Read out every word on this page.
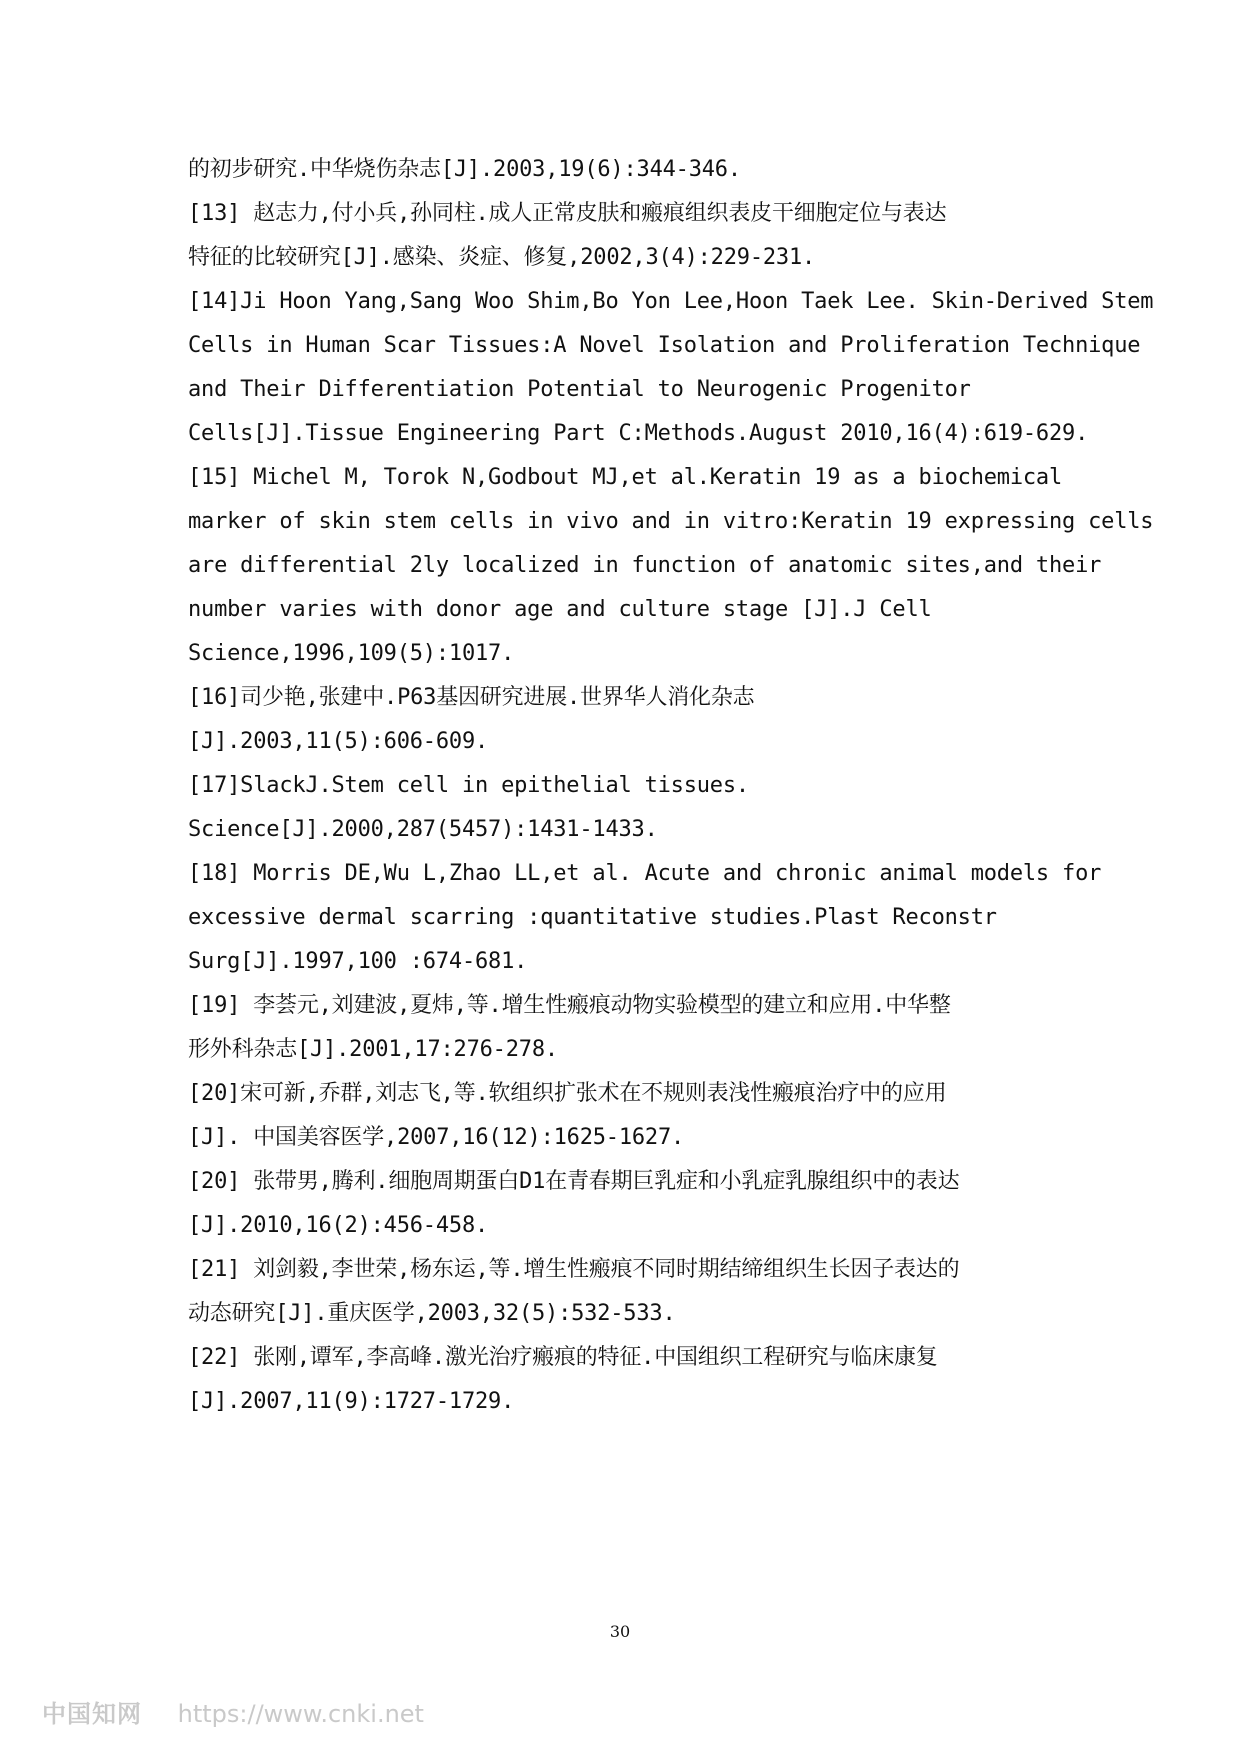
的初步研究.中华烧伤杂志[J].2003,19(6):344-346.
[13] 赵志力,付小兵,孙同柱.成人正常皮肤和瘢痕组织表皮干细胞定位与表达
特征的比较研究[J].感染、炎症、修复,2002,3(4):229-231.
[14]Ji Hoon Yang,Sang Woo Shim,Bo Yon Lee,Hoon Taek Lee. Skin-Derived Stem
Cells in Human Scar Tissues:A Novel Isolation and Proliferation Technique
and Their Differentiation Potential to Neurogenic Progenitor
Cells[J].Tissue Engineering Part C:Methods.August 2010,16(4):619-629.
[15] Michel M, Torok N,Godbout MJ,et al.Keratin 19 as a biochemical
marker of skin stem cells in vivo and in vitro:Keratin 19 expressing cells
are differential 2ly localized in function of anatomic sites,and their
number varies with donor age and culture stage [J].J Cell
Science,1996,109(5):1017.
[16]司少艳,张建中.P63基因研究进展.世界华人消化杂志
[J].2003,11(5):606-609.
[17]SlackJ.Stem cell in epithelial tissues.
Science[J].2000,287(5457):1431-1433.
[18] Morris DE,Wu L,Zhao LL,et al. Acute and chronic animal models for
excessive dermal scarring :quantitative studies.Plast Reconstr
Surg[J].1997,100 :674-681.
[19] 李荟元,刘建波,夏炜,等.增生性瘢痕动物实验模型的建立和应用.中华整
形外科杂志[J].2001,17:276-278.
[20]宋可新,乔群,刘志飞,等.软组织扩张术在不规则表浅性瘢痕治疗中的应用
[J]. 中国美容医学,2007,16(12):1625-1627.
[20] 张带男,腾利.细胞周期蛋白D1在青春期巨乳症和小乳症乳腺组织中的表达
[J].2010,16(2):456-458.
[21] 刘剑毅,李世荣,杨东运,等.增生性瘢痕不同时期结缔组织生长因子表达的
动态研究[J].重庆医学,2003,32(5):532-533.
[22] 张刚,谭军,李高峰.激光治疗瘢痕的特征.中国组织工程研究与临床康复
[J].2007,11(9):1727-1729.
30
中国知网 https://www.cnki.net
